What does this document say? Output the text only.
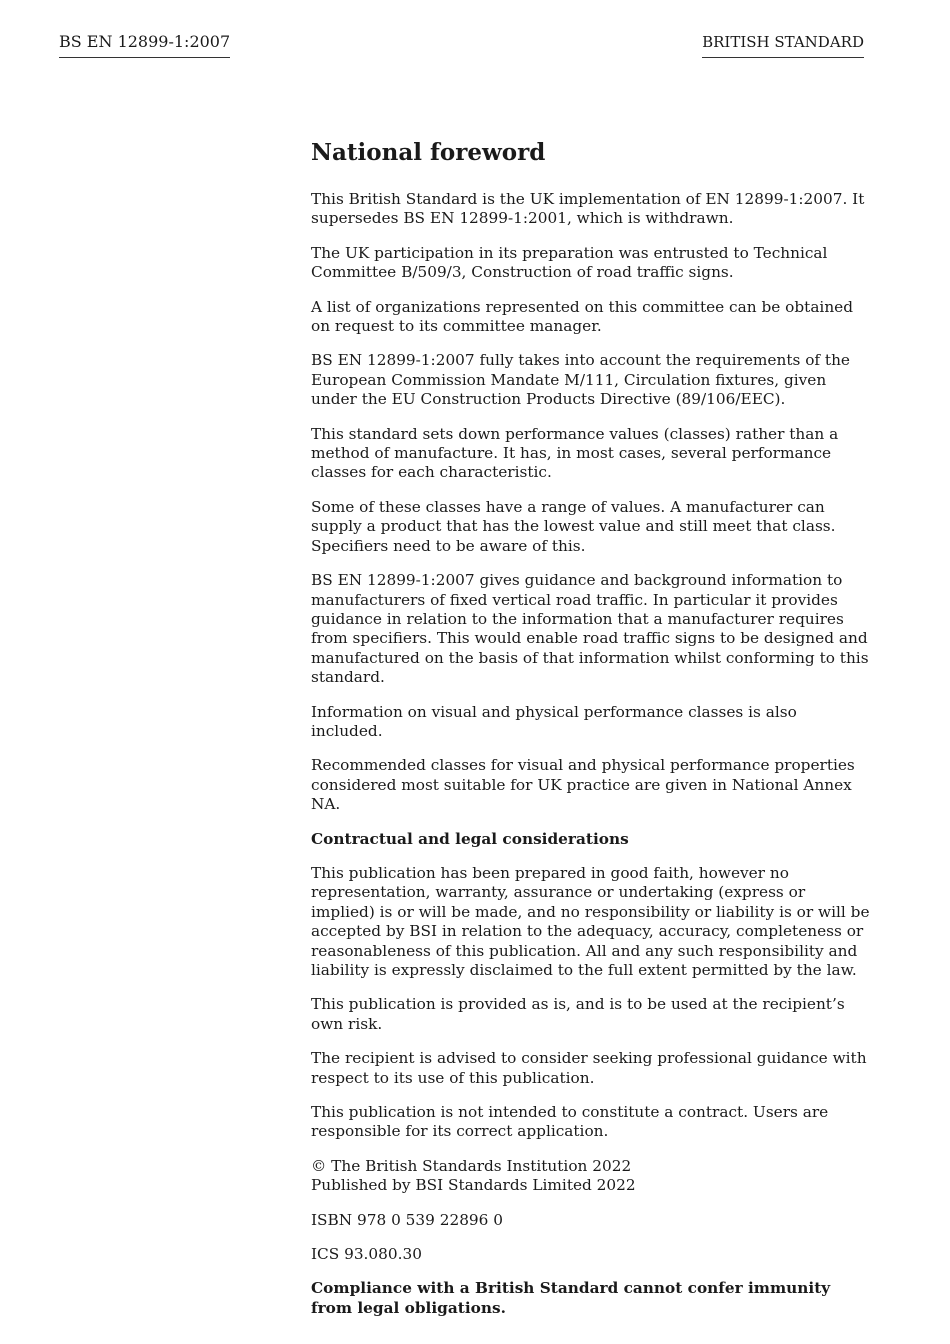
BS EN 12899-1:2007	BRITISH STANDARD
National foreword

This British Standard is the UK implementation of EN 12899-1:2007. It supersedes BS EN 12899-1:2001, which is withdrawn.

The UK participation in its preparation was entrusted to Technical Committee B/509/3, Construction of road traffic signs.

A list of organizations represented on this committee can be obtained on request to its committee manager.

BS EN 12899-1:2007 fully takes into account the requirements of the European Commission Mandate M/111, Circulation fixtures, given under the EU Construction Products Directive (89/106/EEC).

This standard sets down performance values (classes) rather than a method of manufacture. It has, in most cases, several performance classes for each characteristic.

Some of these classes have a range of values. A manufacturer can supply a product that has the lowest value and still meet that class. Specifiers need to be aware of this.

BS EN 12899-1:2007 gives guidance and background information to manufacturers of fixed vertical road traffic. In particular it provides guidance in relation to the information that a manufacturer requires from specifiers. This would enable road traffic signs to be designed and manufactured on the basis of that information whilst conforming to this standard.

Information on visual and physical performance classes is also included.

Recommended classes for visual and physical performance properties considered most suitable for UK practice are given in National Annex NA.

Contractual and legal considerations

This publication has been prepared in good faith, however no representation, warranty, assurance or undertaking (express or implied) is or will be made, and no responsibility or liability is or will be accepted by BSI in relation to the adequacy, accuracy, completeness or reasonableness of this publication. All and any such responsibility and liability is expressly disclaimed to the full extent permitted by the law.

This publication is provided as is, and is to be used at the recipient’s own risk.

The recipient is advised to consider seeking professional guidance with respect to its use of this publication.

This publication is not intended to constitute a contract. Users are responsible for its correct application.

© The British Standards Institution 2022
Published by BSI Standards Limited 2022

ISBN 978 0 539 22896 0

ICS 93.080.30

Compliance with a British Standard cannot confer immunity from legal obligations.
